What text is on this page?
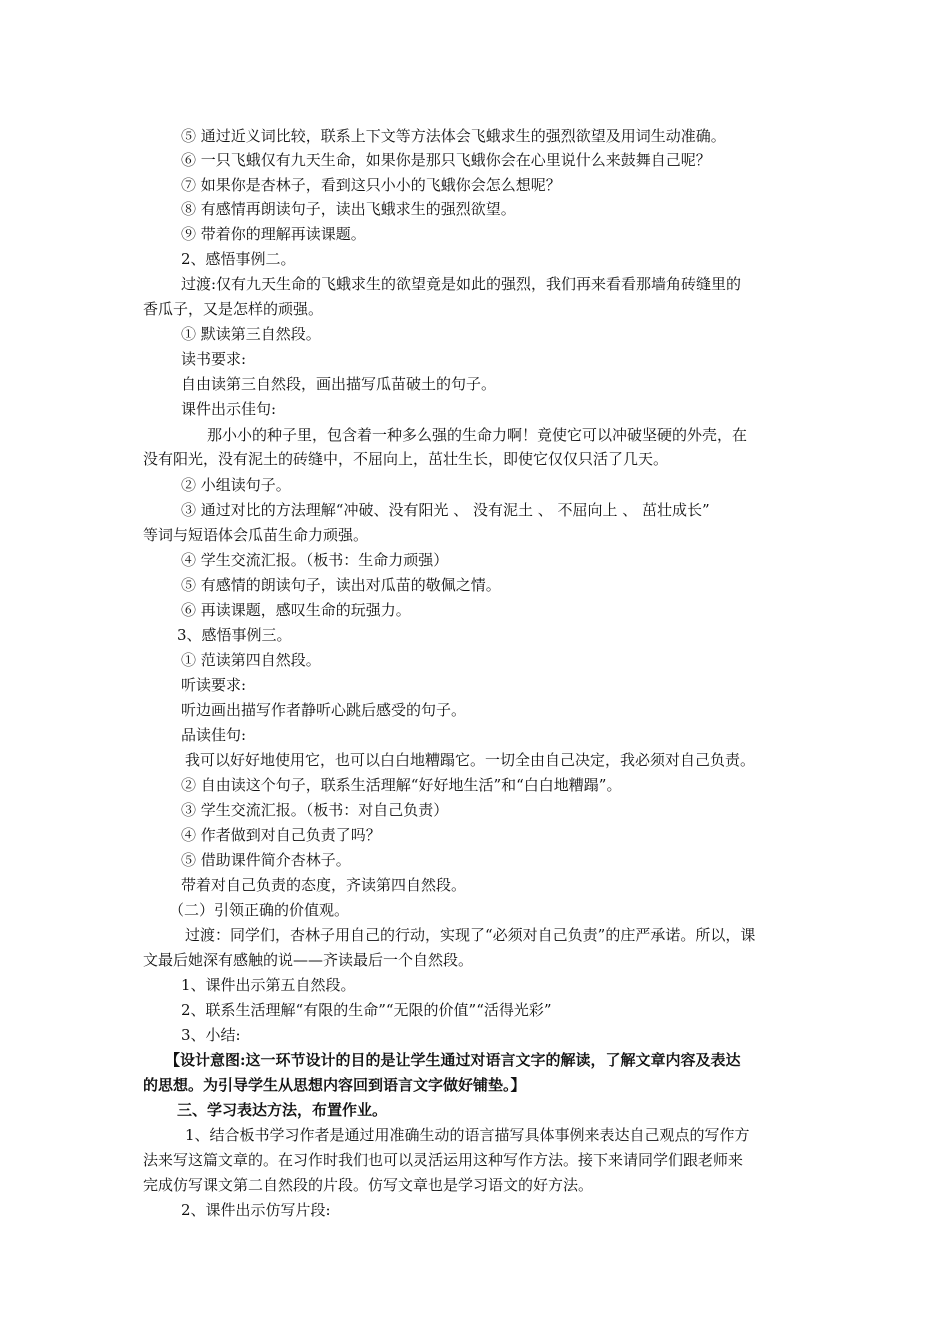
⑤ 通过近义词比较，联系上下文等方法体会飞蛾求生的强烈欲望及用词生动准确。
⑥ 一只飞蛾仅有九天生命，如果你是那只飞蛾你会在心里说什么来鼓舞自己呢？
⑦ 如果你是杏林子，看到这只小小的飞蛾你会怎么想呢？
⑧ 有感情再朗读句子，读出飞蛾求生的强烈欲望。
⑨ 带着你的理解再读课题。
2、感悟事例二。
过渡:仅有九天生命的飞蛾求生的欲望竟是如此的强烈，我们再来看看那墙角砖缝里的
香瓜子，又是怎样的顽强。
① 默读第三自然段。
读书要求:
自由读第三自然段，画出描写瓜苗破土的句子。
课件出示佳句:
那小小的种子里，包含着一种多么强的生命力啊！竟使它可以冲破坚硬的外壳，在
没有阳光，没有泥土的砖缝中，不屈向上，茁壮生长，即使它仅仅只活了几天。
② 小组读句子。
③ 通过对比的方法理解“冲破、没有阳光 、 没有泥土 、 不屈向上 、 茁壮成长”
等词与短语体会瓜苗生命力顽强。
④ 学生交流汇报。（板书：生命力顽强）
⑤ 有感情的朗读句子，读出对瓜苗的敬佩之情。
⑥ 再读课题，感叹生命的玩强力。
3、感悟事例三。
① 范读第四自然段。
听读要求:
听边画出描写作者静听心跳后感受的句子。
品读佳句:
我可以好好地使用它，也可以白白地糟蹋它。一切全由自己决定，我必须对自己负责。
② 自由读这个句子，联系生活理解“好好地生活”和“白白地糟蹋”。
③ 学生交流汇报。（板书：对自己负责）
④ 作者做到对自己负责了吗？
⑤ 借助课件简介杏林子。
带着对自己负责的态度，齐读第四自然段。
（二）引领正确的价值观。
过渡：同学们，杏林子用自己的行动，实现了“必须对自己负责”的庄严承诺。所以，课
文最后她深有感触的说——齐读最后一个自然段。
1、课件出示第五自然段。
2、联系生活理解“有限的生命”“无限的价值”“活得光彩”
3、小结:
【设计意图:这一环节设计的目的是让学生通过对语言文字的解读，了解文章内容及表达
的思想。为引导学生从思想内容回到语言文字做好铺垫。】
三、学习表达方法，布置作业。
1、结合板书学习作者是通过用准确生动的语言描写具体事例来表达自己观点的写作方
法来写这篇文章的。在习作时我们也可以灵活运用这种写作方法。接下来请同学们跟老师来
完成仿写课文第二自然段的片段。仿写文章也是学习语文的好方法。
2、课件出示仿写片段:
